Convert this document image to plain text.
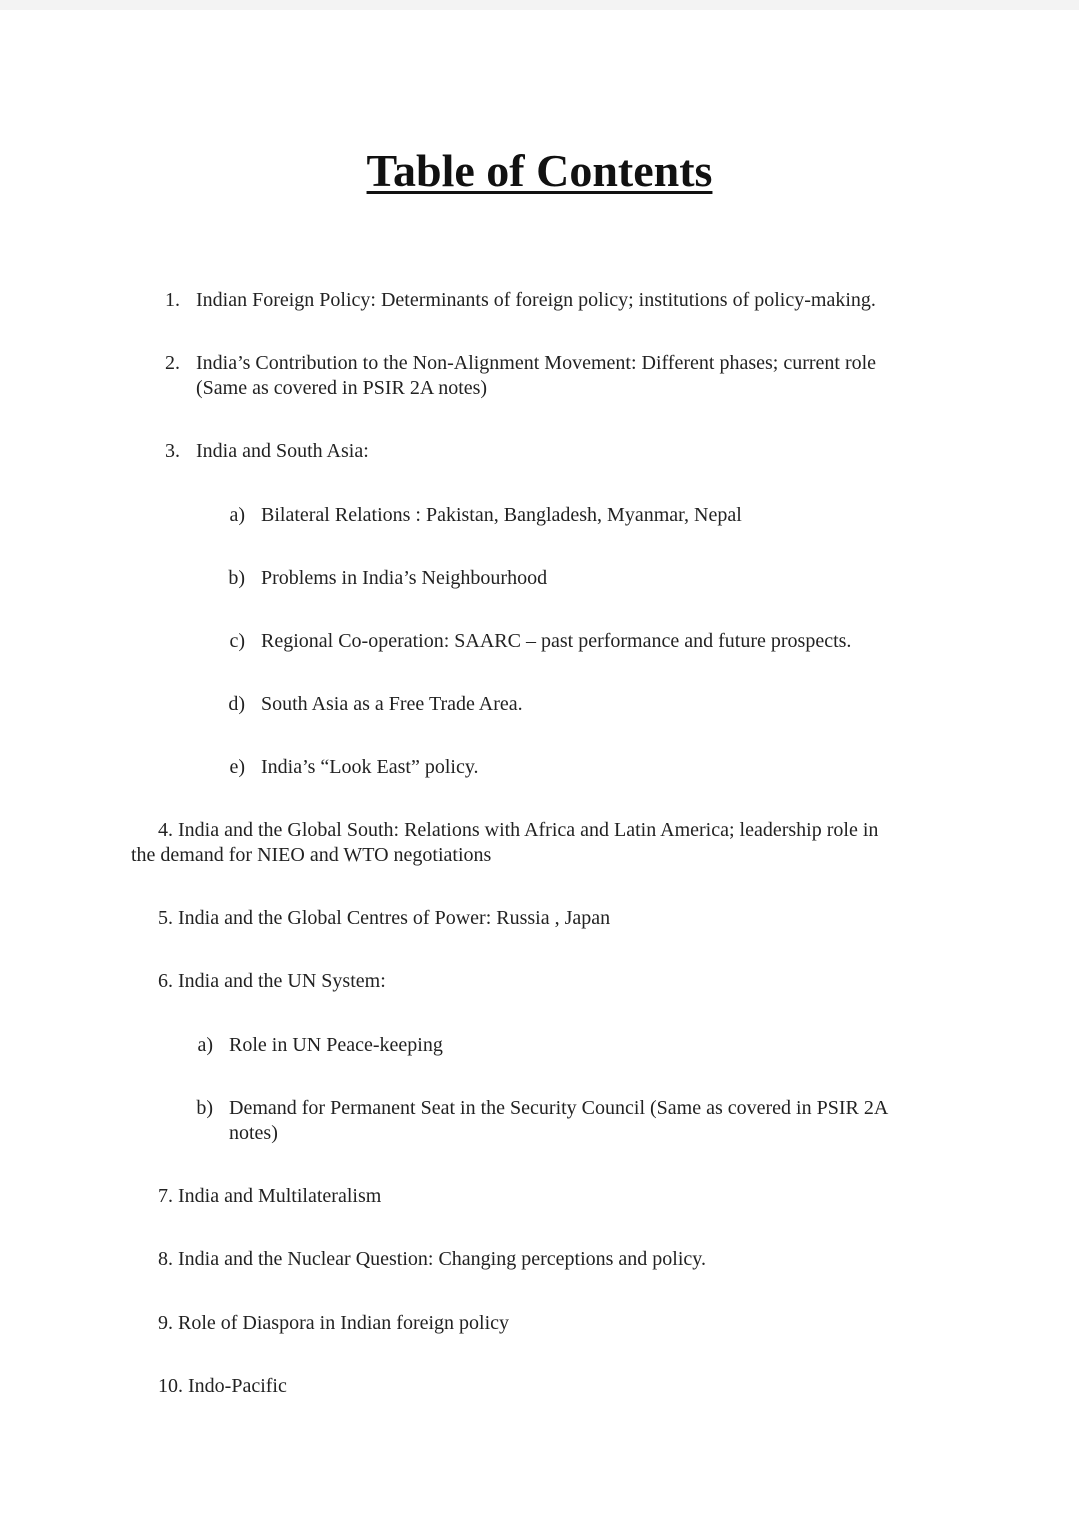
Table of Contents
1. Indian Foreign Policy: Determinants of foreign policy; institutions of policy-making.
2. India’s Contribution to the Non-Alignment Movement: Different phases; current role
(Same as covered in PSIR 2A notes)
3. India and South Asia:
a) Bilateral Relations : Pakistan, Bangladesh, Myanmar, Nepal
b) Problems in India’s Neighbourhood
c) Regional Co-operation: SAARC – past performance and future prospects.
d) South Asia as a Free Trade Area.
e) India’s “Look East” policy.
4. India and the Global South: Relations with Africa and Latin America; leadership role in
the demand for NIEO and WTO negotiations
5. India and the Global Centres of Power: Russia , Japan
6. India and the UN System:
a) Role in UN Peace-keeping
b) Demand for Permanent Seat in the Security Council (Same as covered in PSIR 2A
notes)
7. India and Multilateralism
8. India and the Nuclear Question: Changing perceptions and policy.
9. Role of Diaspora in Indian foreign policy
10. Indo-Pacific
